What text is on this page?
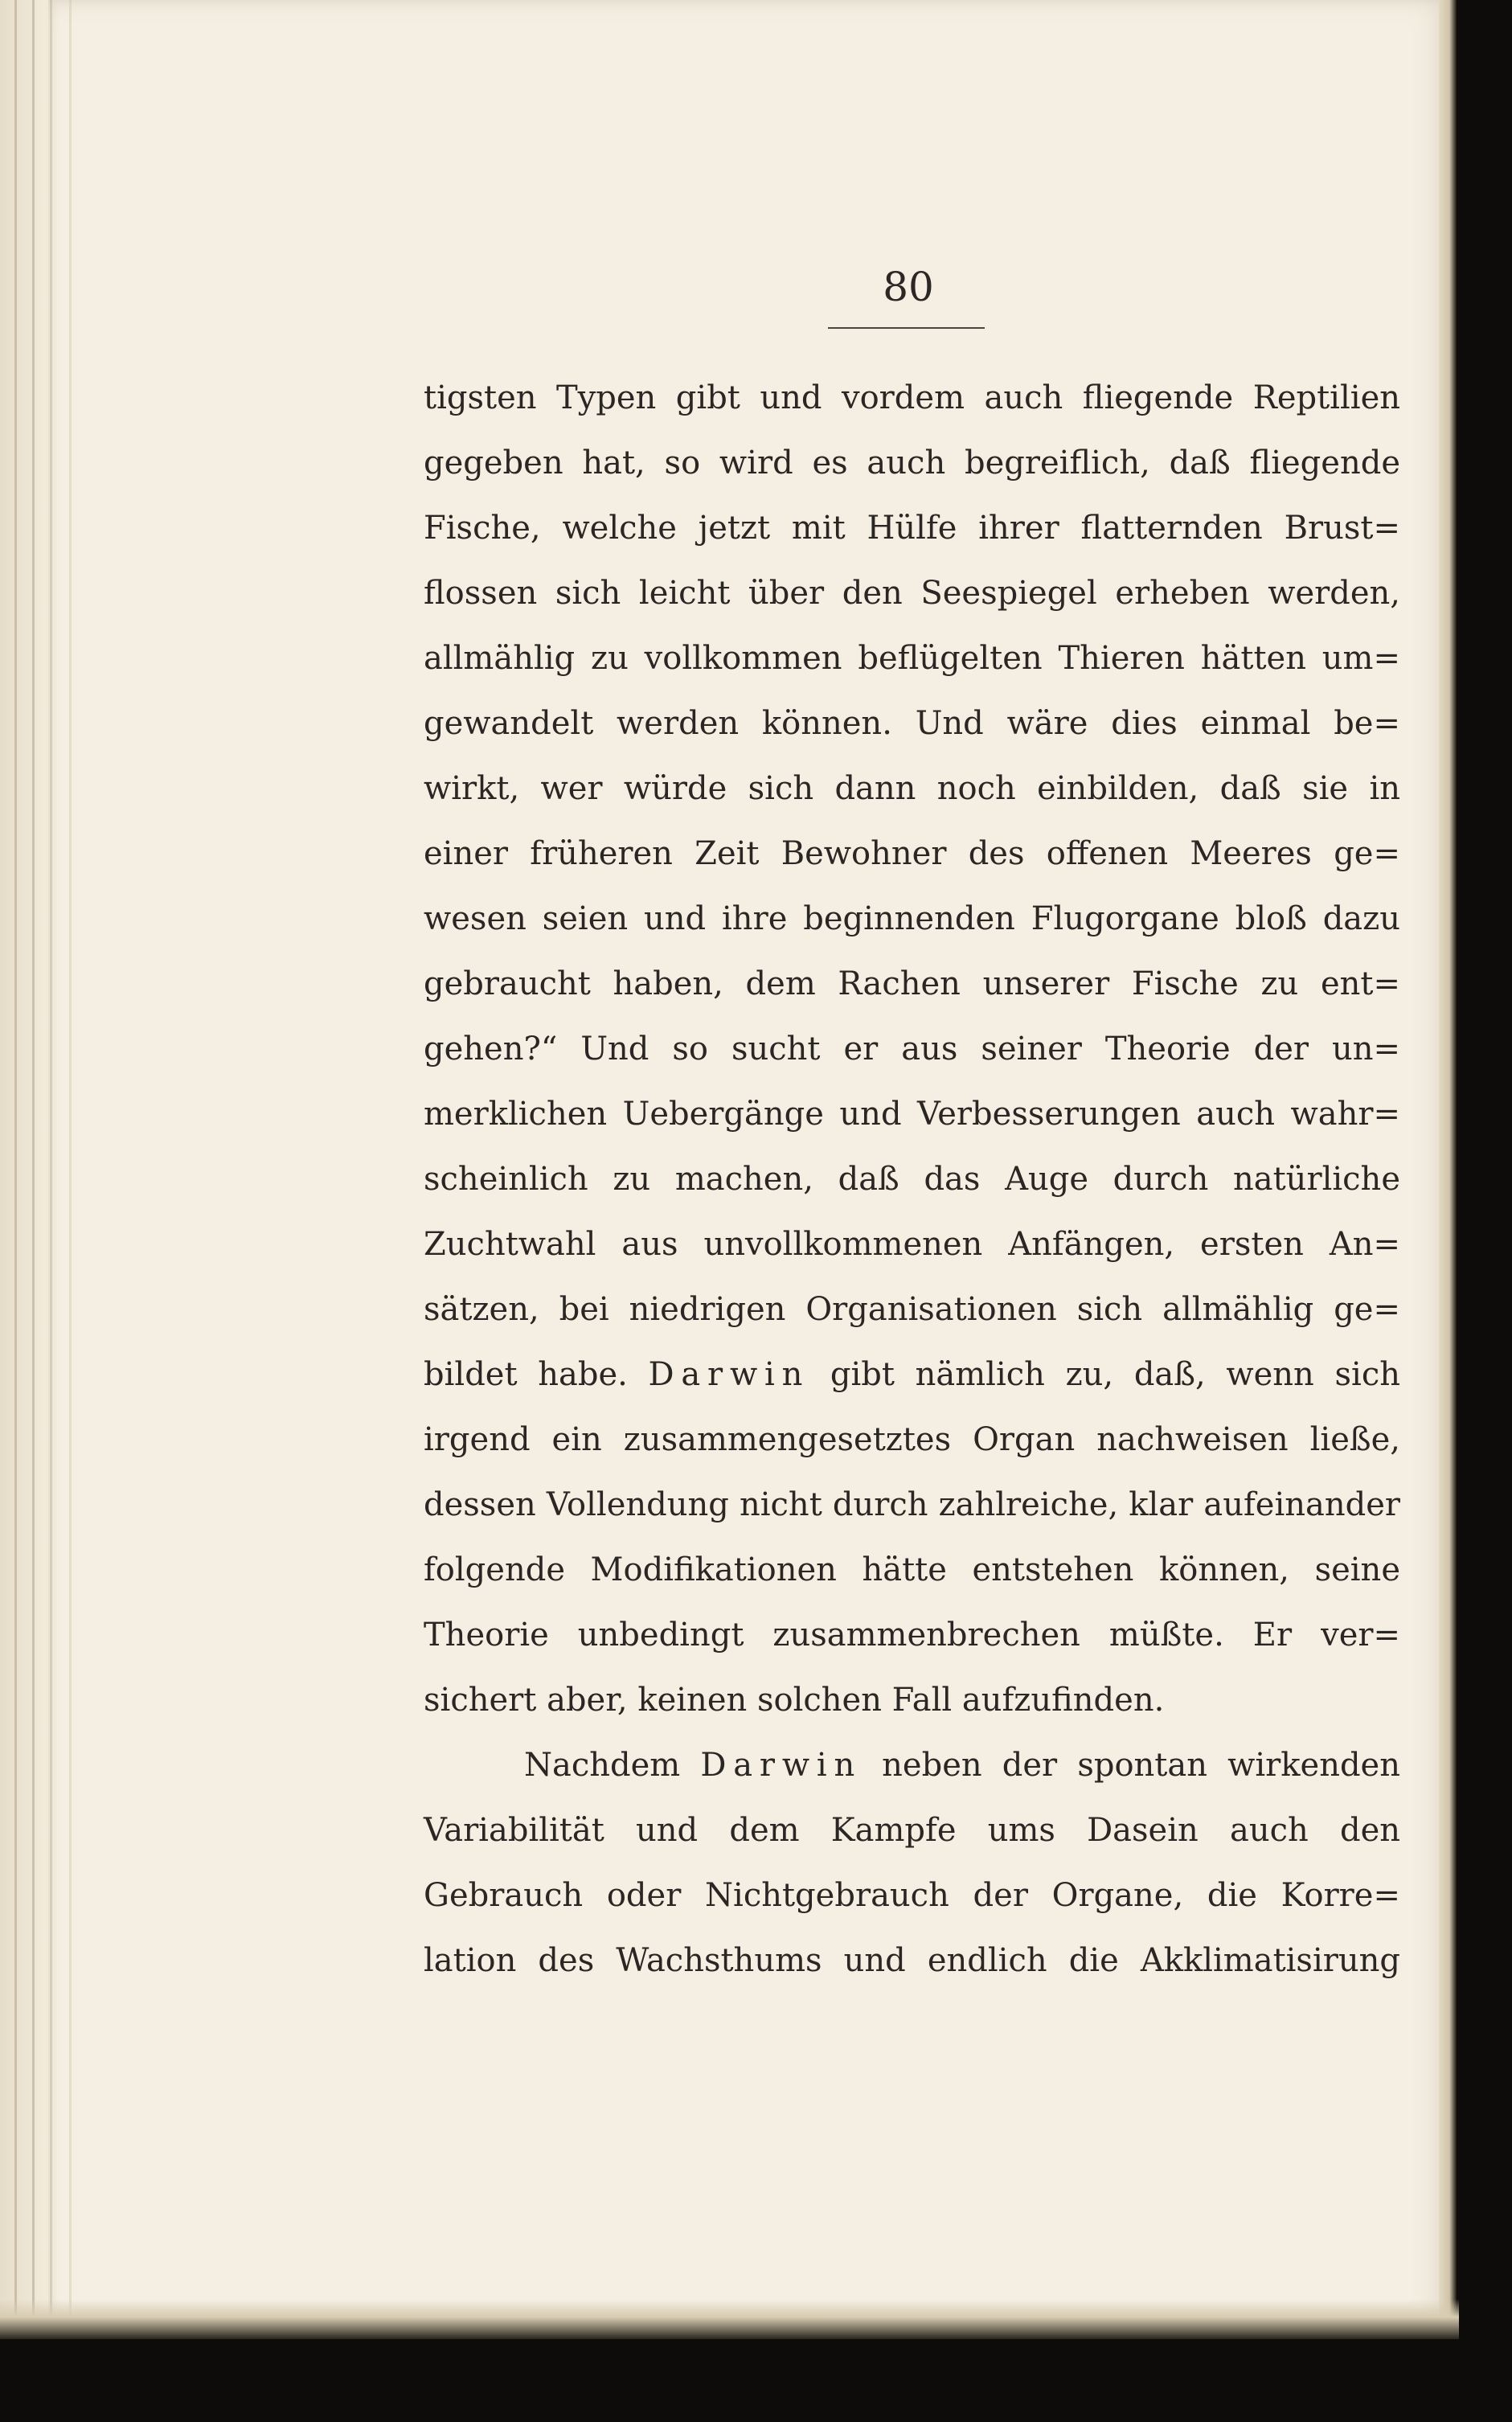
80
tigsten Typen gibt und vordem auch fliegende Reptilien
gegeben hat, so wird es auch begreiflich, daß fliegende
Fische, welche jetzt mit Hülfe ihrer flatternden Brust=
flossen sich leicht über den Seespiegel erheben werden,
allmählig zu vollkommen beflügelten Thieren hätten um=
gewandelt werden können. Und wäre dies einmal be=
wirkt, wer würde sich dann noch einbilden, daß sie in
einer früheren Zeit Bewohner des offenen Meeres ge=
wesen seien und ihre beginnenden Flugorgane bloß dazu
gebraucht haben, dem Rachen unserer Fische zu ent=
gehen?“ Und so sucht er aus seiner Theorie der un=
merklichen Uebergänge und Verbesserungen auch wahr=
scheinlich zu machen, daß das Auge durch natürliche
Zuchtwahl aus unvollkommenen Anfängen, ersten An=
sätzen, bei niedrigen Organisationen sich allmählig ge=
bildet habe. Darwin gibt nämlich zu, daß, wenn sich
irgend ein zusammengesetztes Organ nachweisen ließe,
dessen Vollendung nicht durch zahlreiche, klar aufeinander
folgende Modifikationen hätte entstehen können, seine
Theorie unbedingt zusammenbrechen müßte. Er ver=
sichert aber, keinen solchen Fall aufzufinden.
Nachdem Darwin neben der spontan wirkenden
Variabilität und dem Kampfe ums Dasein auch den
Gebrauch oder Nichtgebrauch der Organe, die Korre=
lation des Wachsthums und endlich die Akklimatisirung
